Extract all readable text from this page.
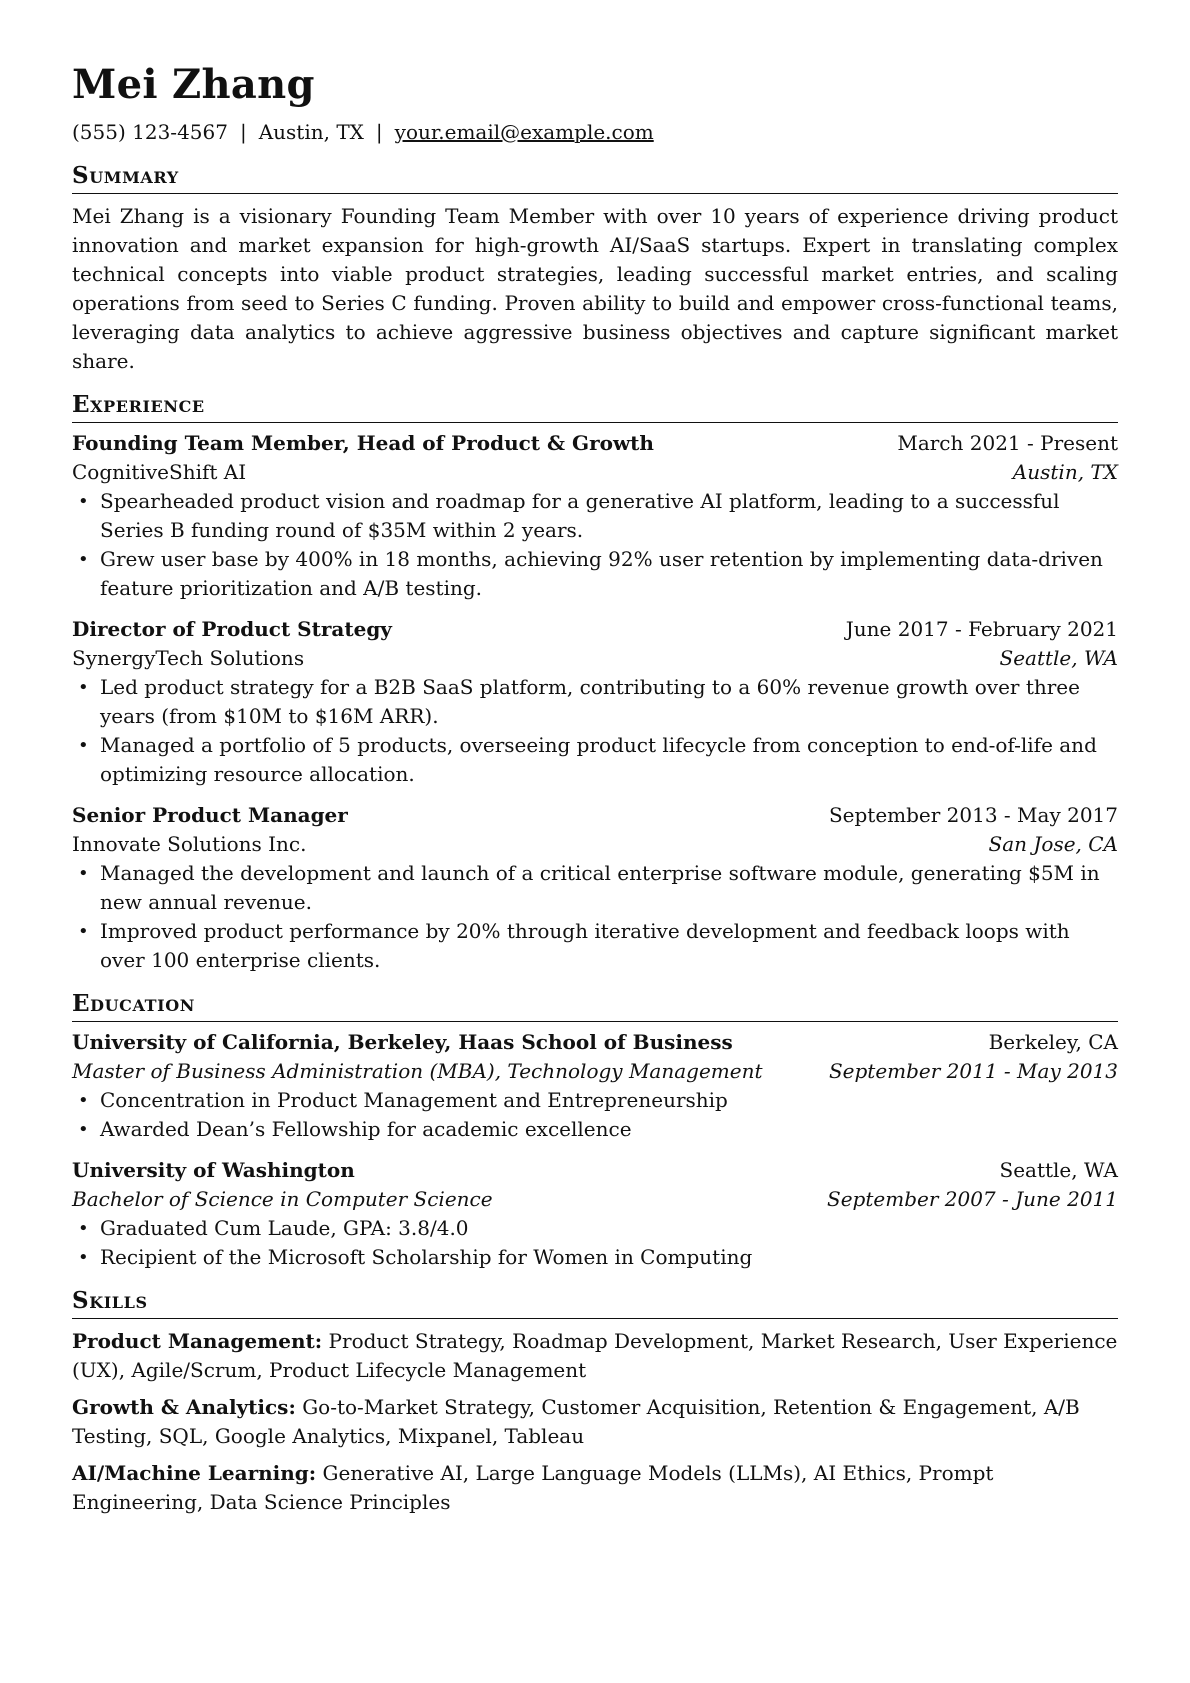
Mei Zhang
(555) 123-4567 | Austin, TX | your.email@example.com
Summary
Mei Zhang is a visionary Founding Team Member with over 10 years of experience driving product innovation and market expansion for high-growth AI/SaaS startups. Expert in translating complex technical concepts into viable product strategies, leading successful market entries, and scaling operations from seed to Series C funding. Proven ability to build and empower cross-functional teams, leveraging data analytics to achieve aggressive business objectives and capture significant market share.
Experience
Founding Team Member, Head of Product & Growth	March 2021 - Present
CognitiveShift AI	Austin, TX
• Spearheaded product vision and roadmap for a generative AI platform, leading to a successful Series B funding round of $35M within 2 years.
• Grew user base by 400% in 18 months, achieving 92% user retention by implementing data-driven feature prioritization and A/B testing.
Director of Product Strategy	June 2017 - February 2021
SynergyTech Solutions	Seattle, WA
• Led product strategy for a B2B SaaS platform, contributing to a 60% revenue growth over three years (from $10M to $16M ARR).
• Managed a portfolio of 5 products, overseeing product lifecycle from conception to end-of-life and optimizing resource allocation.
Senior Product Manager	September 2013 - May 2017
Innovate Solutions Inc.	San Jose, CA
• Managed the development and launch of a critical enterprise software module, generating $5M in new annual revenue.
• Improved product performance by 20% through iterative development and feedback loops with over 100 enterprise clients.
Education
University of California, Berkeley, Haas School of Business	Berkeley, CA
Master of Business Administration (MBA), Technology Management	September 2011 - May 2013
• Concentration in Product Management and Entrepreneurship
• Awarded Dean’s Fellowship for academic excellence
University of Washington	Seattle, WA
Bachelor of Science in Computer Science	September 2007 - June 2011
• Graduated Cum Laude, GPA: 3.8/4.0
• Recipient of the Microsoft Scholarship for Women in Computing
Skills
Product Management: Product Strategy, Roadmap Development, Market Research, User Experience (UX), Agile/Scrum, Product Lifecycle Management
Growth & Analytics: Go-to-Market Strategy, Customer Acquisition, Retention & Engagement, A/B Testing, SQL, Google Analytics, Mixpanel, Tableau
AI/Machine Learning: Generative AI, Large Language Models (LLMs), AI Ethics, Prompt Engineering, Data Science Principles
